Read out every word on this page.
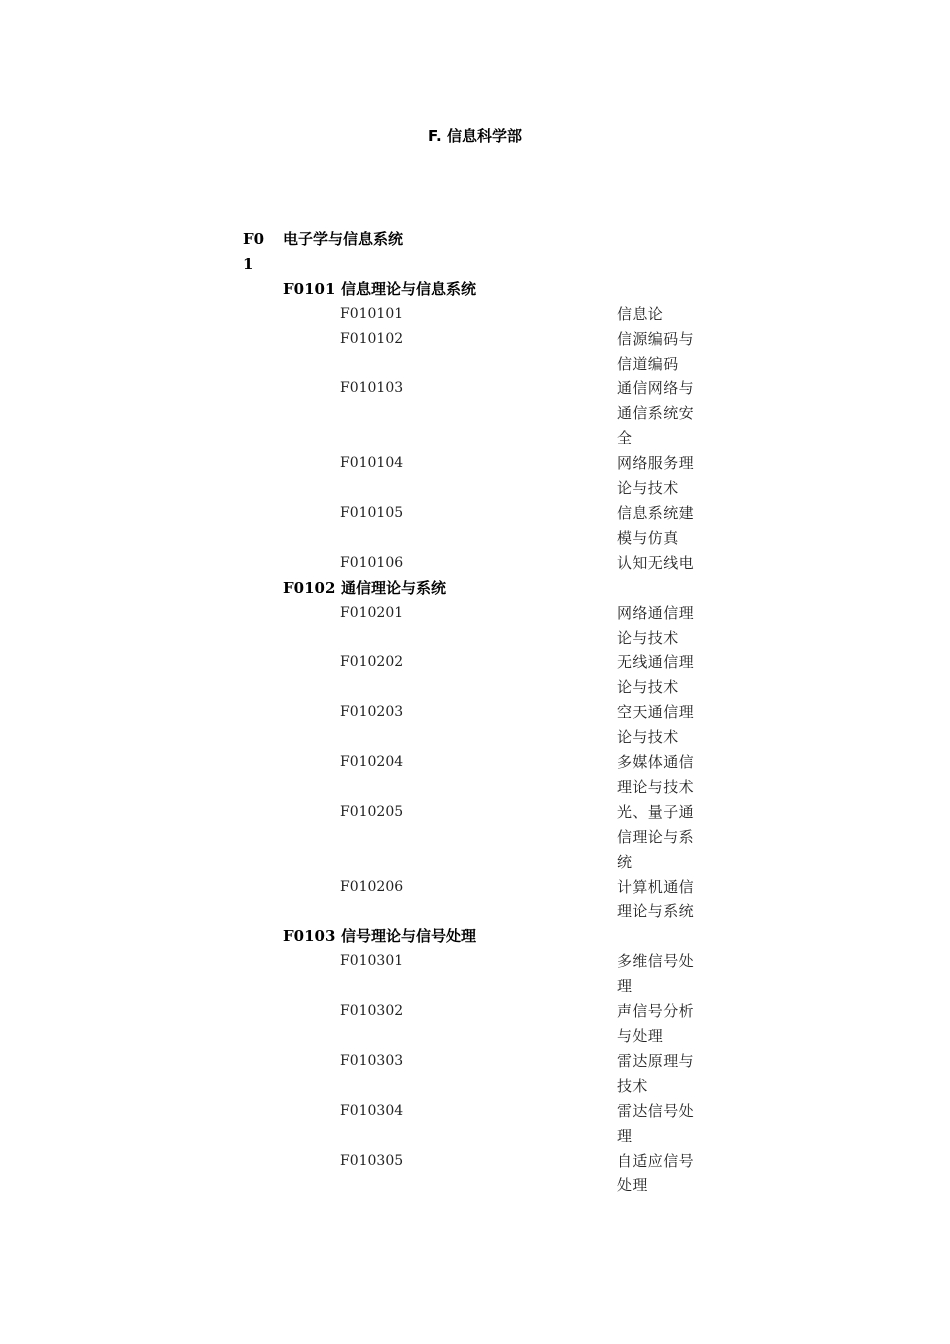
F. 信息科学部
F0
1
电子学与信息系统
F0101 信息理论与信息系统
F010101	信息论
F010102	信源编码与信道编码
F010103	通信网络与通信系统安全
F010104	网络服务理论与技术
F010105	信息系统建模与仿真
F010106	认知无线电
F0102 通信理论与系统
F010201	网络通信理论与技术
F010202	无线通信理论与技术
F010203	空天通信理论与技术
F010204	多媒体通信理论与技术
F010205	光、量子通信理论与系统
F010206	计算机通信理论与系统
F0103 信号理论与信号处理
F010301	多维信号处理
F010302	声信号分析与处理
F010303	雷达原理与技术
F010304	雷达信号处理
F010305	自适应信号处理
